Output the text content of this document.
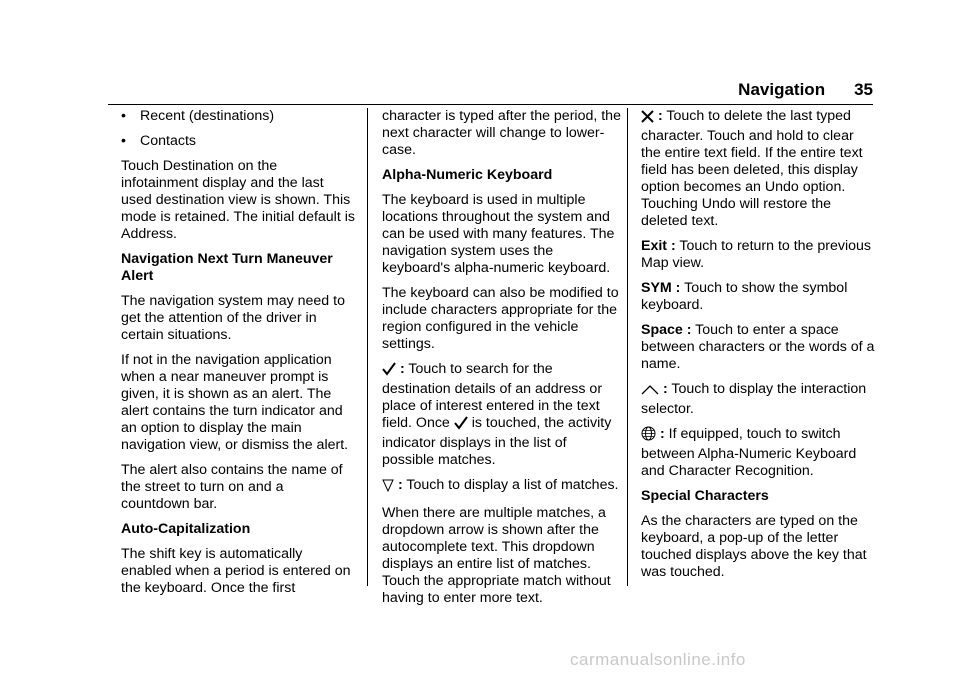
Navigation 35
• Recent (destinations)
• Contacts

Touch Destination on the infotainment display and the last used destination view is shown. This mode is retained. The initial default is Address.

Navigation Next Turn Maneuver Alert

The navigation system may need to get the attention of the driver in certain situations.

If not in the navigation application when a near maneuver prompt is given, it is shown as an alert. The alert contains the turn indicator and an option to display the main navigation view, or dismiss the alert.

The alert also contains the name of the street to turn on and a countdown bar.

Auto-Capitalization

The shift key is automatically enabled when a period is entered on the keyboard. Once the first

character is typed after the period, the next character will change to lower-case.

Alpha-Numeric Keyboard

The keyboard is used in multiple locations throughout the system and can be used with many features. The navigation system uses the keyboard's alpha-numeric keyboard.

The keyboard can also be modified to include characters appropriate for the region configured in the vehicle settings.

: Touch to search for the destination details of an address or place of interest entered in the text field. Once is touched, the activity indicator displays in the list of possible matches.

: Touch to display a list of matches.

When there are multiple matches, a dropdown arrow is shown after the autocomplete text. This dropdown displays an entire list of matches. Touch the appropriate match without having to enter more text.

: Touch to delete the last typed character. Touch and hold to clear the entire text field. If the entire text field has been deleted, this display option becomes an Undo option. Touching Undo will restore the deleted text.

Exit : Touch to return to the previous Map view.

SYM : Touch to show the symbol keyboard.

Space : Touch to enter a space between characters or the words of a name.

: Touch to display the interaction selector.

: If equipped, touch to switch between Alpha-Numeric Keyboard and Character Recognition.

Special Characters

As the characters are typed on the keyboard, a pop-up of the letter touched displays above the key that was touched.

carmanualsonline.info
